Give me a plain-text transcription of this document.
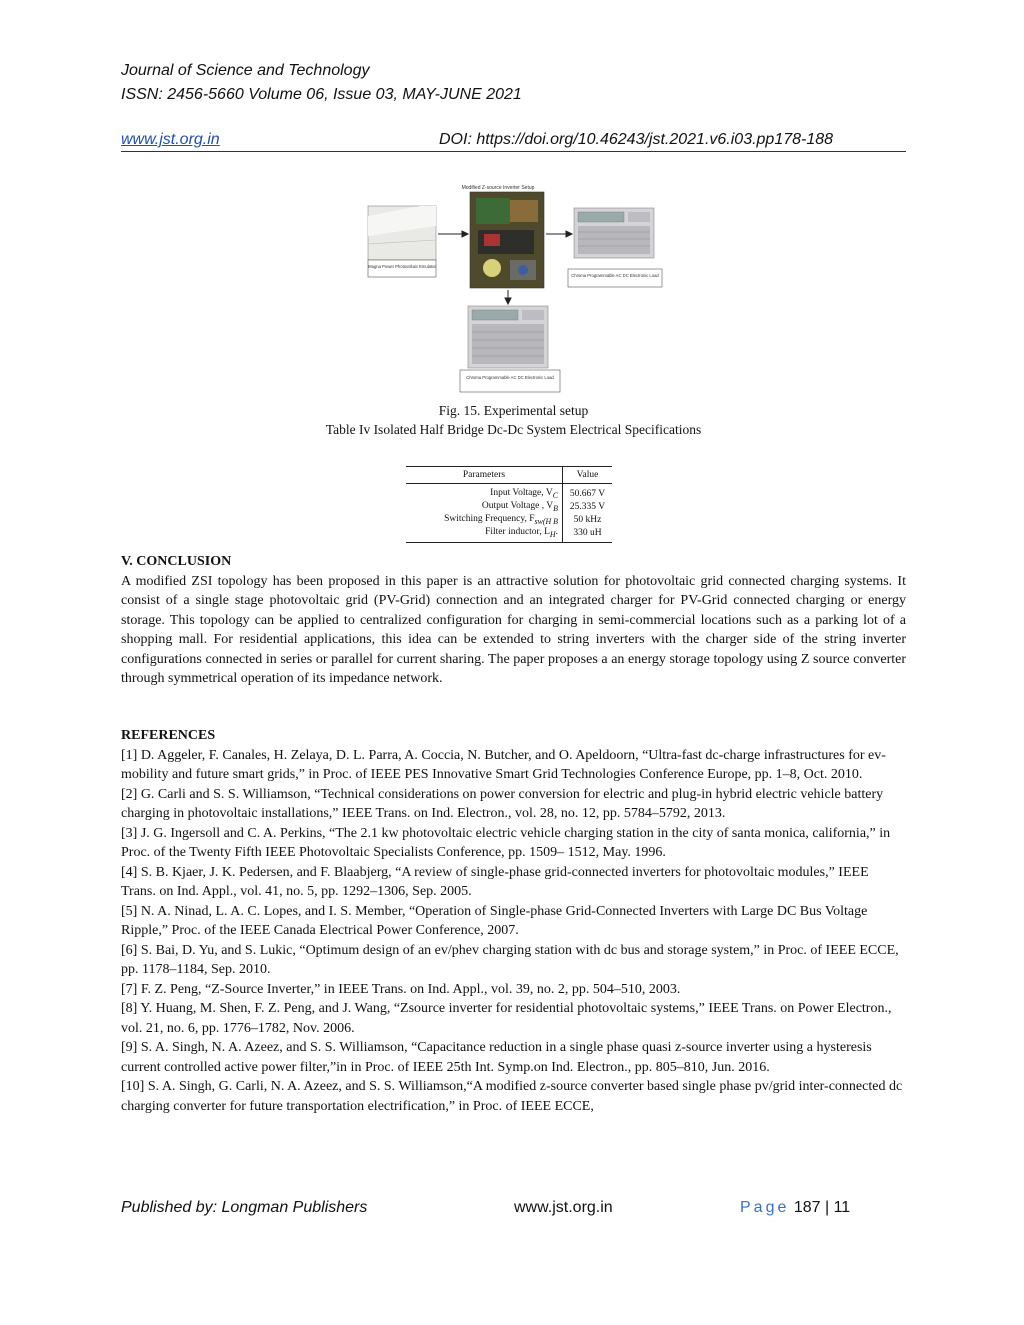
Journal of Science and Technology
ISSN: 2456-5660 Volume 06, Issue 03, MAY-JUNE 2021
www.jst.org.in	DOI: https://doi.org/10.46243/jst.2021.v6.i03.pp178-188
Modified Z-source Inverter Setup
Magna Power Photovoltaic Emulator
Chroma Programmable AC DC Electronic Load
Chroma Programmable AC DC Electronic Load
Fig. 15. Experimental setup
Table Iv Isolated Half Bridge Dc-Dc System Electrical Specifications
Parameters	Value
Input Voltage, $V_C$	50.667 V
Output Voltage , $V_B$	25.335 V
Switching Frequency, $F_{sw(H B}$	50 kHz
Filter inductor, $L_H$.	330 uH
V. CONCLUSION
A modified ZSI topology has been proposed in this paper is an attractive solution for photovoltaic grid connected charging systems. It consist of a single stage photovoltaic grid (PV-Grid) connection and an integrated charger for PV-Grid connected charging or energy storage. This topology can be applied to centralized configuration for charging in semi-commercial locations such as a parking lot of a shopping mall. For residential applications, this idea can be extended to string inverters with the charger side of the string inverter configurations connected in series or parallel for current sharing. The paper proposes a an energy storage topology using Z source converter through symmetrical operation of its impedance network.
REFERENCES

[1] D. Aggeler, F. Canales, H. Zelaya, D. L. Parra, A. Coccia, N. Butcher, and O. Apeldoorn, “Ultra-fast dc-charge infrastructures for ev-mobility and future smart grids,” in Proc. of IEEE PES Innovative Smart Grid Technologies Conference Europe, pp. 1–8, Oct. 2010.

[2] G. Carli and S. S. Williamson, “Technical considerations on power conversion for electric and plug-in hybrid electric vehicle battery charging in photovoltaic installations,” IEEE Trans. on Ind. Electron., vol. 28, no. 12, pp. 5784–5792, 2013.

[3] J. G. Ingersoll and C. A. Perkins, “The 2.1 kw photovoltaic electric vehicle charging station in the city of santa monica, california,” in Proc. of the Twenty Fifth IEEE Photovoltaic Specialists Conference, pp. 1509– 1512, May. 1996.

[4] S. B. Kjaer, J. K. Pedersen, and F. Blaabjerg, “A review of single-phase grid-connected inverters for photovoltaic modules,” IEEE Trans. on Ind. Appl., vol. 41, no. 5, pp. 1292–1306, Sep. 2005.

[5] N. A. Ninad, L. A. C. Lopes, and I. S. Member, “Operation of Single-phase Grid-Connected Inverters with Large DC Bus Voltage Ripple,” Proc. of the IEEE Canada Electrical Power Conference, 2007.

[6] S. Bai, D. Yu, and S. Lukic, “Optimum design of an ev/phev charging station with dc bus and storage system,” in Proc. of IEEE ECCE, pp. 1178–1184, Sep. 2010.

[7] F. Z. Peng, “Z-Source Inverter,” in IEEE Trans. on Ind. Appl., vol. 39, no. 2, pp. 504–510, 2003.

[8] Y. Huang, M. Shen, F. Z. Peng, and J. Wang, “Zsource inverter for residential photovoltaic systems,” IEEE Trans. on Power Electron., vol. 21, no. 6, pp. 1776–1782, Nov. 2006.

[9] S. A. Singh, N. A. Azeez, and S. S. Williamson, “Capacitance reduction in a single phase quasi z-source inverter using a hysteresis current controlled active power filter,”in in Proc. of IEEE 25th Int. Symp.on Ind. Electron., pp. 805–810, Jun. 2016.

[10] S. A. Singh, G. Carli, N. A. Azeez, and S. S. Williamson,“A modified z-source converter based single phase pv/grid inter-connected dc charging converter for future transportation electrification,” in Proc. of IEEE ECCE,

Published by: Longman Publishers	www.jst.org.in	Page 187 | 11
